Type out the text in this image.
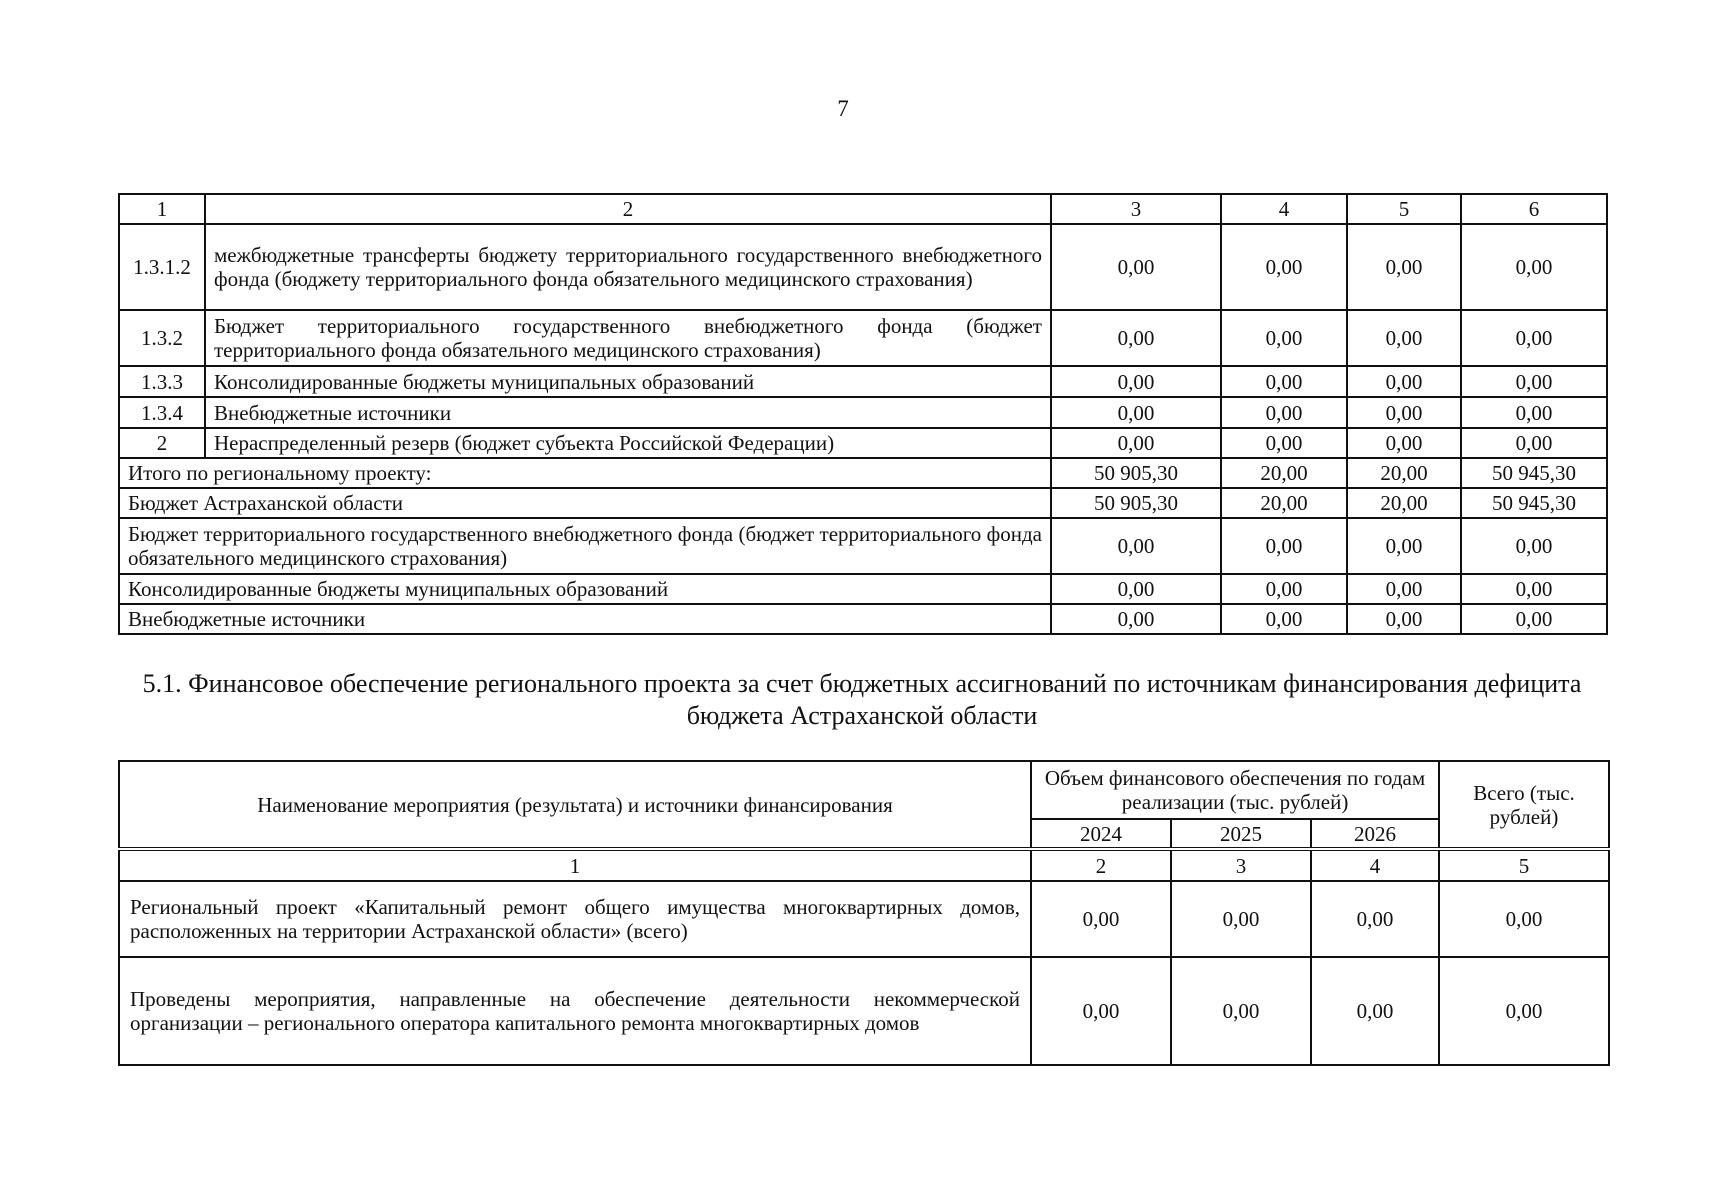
7
1	2	3	4	5	6
1.3.1.2	межбюджетные трансферты бюджету территориального государственного внебюджетного фонда (бюджету территориального фонда обязательного медицинского страхования)	0,00	0,00	0,00	0,00
1.3.2	Бюджет территориального государственного внебюджетного фонда (бюджет территориального фонда обязательного медицинского страхования)	0,00	0,00	0,00	0,00
1.3.3	Консолидированные бюджеты муниципальных образований	0,00	0,00	0,00	0,00
1.3.4	Внебюджетные источники	0,00	0,00	0,00	0,00
2	Нераспределенный резерв (бюджет субъекта Российской Федерации)	0,00	0,00	0,00	0,00
Итого по региональному проекту:		50 905,30	20,00	20,00	50 945,30
Бюджет Астраханской области		50 905,30	20,00	20,00	50 945,30
Бюджет территориального государственного внебюджетного фонда (бюджет территориального фонда обязательного медицинского страхования)		0,00	0,00	0,00	0,00
Консолидированные бюджеты муниципальных образований		0,00	0,00	0,00	0,00
Внебюджетные источники		0,00	0,00	0,00	0,00
5.1. Финансовое обеспечение регионального проекта за счет бюджетных ассигнований по источникам финансирования дефицита бюджета Астраханской области
Наименование мероприятия (результата) и источники финансирования	Объем финансового обеспечения по годам реализации (тыс. рублей)			Всего (тыс. рублей)
	2024	2025	2026	
1	2	3	4	5
Региональный проект «Капитальный ремонт общего имущества многоквартирных домов, расположенных на территории Астраханской области» (всего)	0,00	0,00	0,00	0,00
Проведены мероприятия, направленные на обеспечение деятельности некоммерческой организации – регионального оператора капитального ремонта многоквартирных домов	0,00	0,00	0,00	0,00
